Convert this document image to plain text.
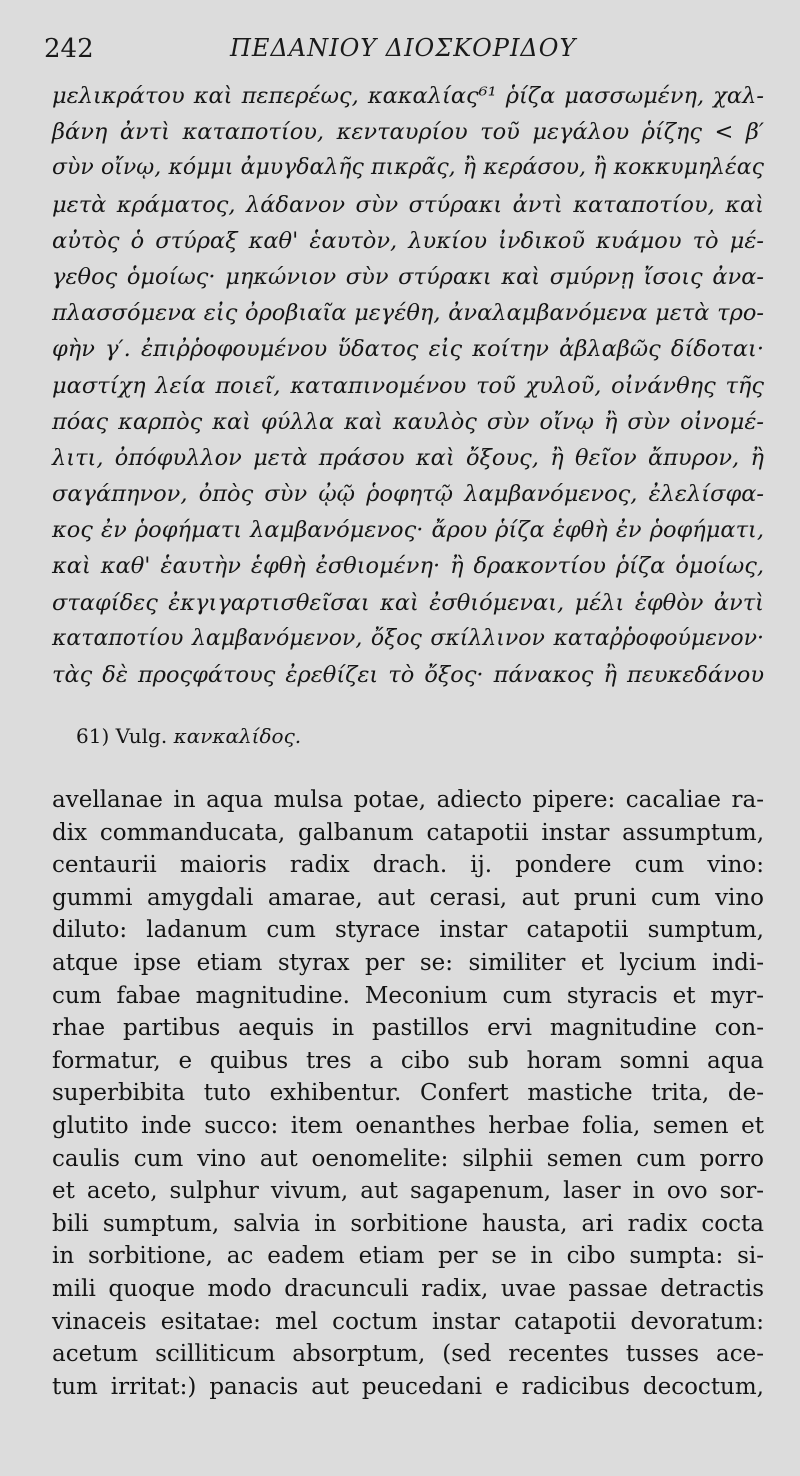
242	ΠΕΔΑΝΙΟΥ ΔΙΟΣΚΟΡΙΔΟΥ
μελικράτου καὶ πεπερέως, κακαλίας⁶¹ ῥίζα μασσωμένη, χαλ-
βάνη ἀντὶ καταποτίου, κενταυρίου τοῦ μεγάλου ῥίζης < β′
σὺν οἴνῳ, κόμμι ἀμυγδαλῆς πικρᾶς, ἢ κεράσου, ἢ κοκκυμηλέας
μετὰ κράματος, λάδανον σὺν στύρακι ἀντὶ καταποτίου, καὶ
αὐτὸς ὁ στύραξ καθ' ἑαυτὸν, λυκίου ἰνδικοῦ κυάμου τὸ μέ-
γεθος ὁμοίως· μηκώνιον σὺν στύρακι καὶ σμύρνῃ ἴσοις ἀνα-
πλασσόμενα εἰς ὀροβιαῖα μεγέθη, ἀναλαμβανόμενα μετὰ τρο-
φὴν γ′. ἐπιῤῥοφουμένου ὕδατος εἰς κοίτην ἀβλαβῶς δίδοται·
μαστίχη λεία ποιεῖ, καταπινομένου τοῦ χυλοῦ, οἰνάνθης τῆς
πόας καρπὸς καὶ φύλλα καὶ καυλὸς σὺν οἴνῳ ἢ σὺν οἰνομέ-
λιτι, ὀπόφυλλον μετὰ πράσου καὶ ὄξους, ἢ θεῖον ἄπυρον, ἢ
σαγάπηνον, ὀπὸς σὺν ᾠῷ ῥοφητῷ λαμβανόμενος, ἐλελίσφα-
κος ἐν ῥοφήματι λαμβανόμενος· ἄρου ῥίζα ἑφθὴ ἐν ῥοφήματι,
καὶ καθ' ἑαυτὴν ἑφθὴ ἐσθιομένη· ἢ δρακοντίου ῥίζα ὁμοίως,
σταφίδες ἐκγιγαρτισθεῖσαι καὶ ἐσθιόμεναι, μέλι ἑφθὸν ἀντὶ
καταποτίου λαμβανόμενον, ὄξος σκίλλινον καταῤῥοφούμενον·
τὰς δὲ προςφάτους ἐρεθίζει τὸ ὄξος· πάνακος ἢ πευκεδάνου
61) Vulg. κανκαλίδος.
avellanae in aqua mulsa potae, adiecto pipere: cacaliae ra-
dix commanducata, galbanum catapotii instar assumptum,
centaurii maioris radix drach. ij. pondere cum vino:
gummi amygdali amarae, aut cerasi, aut pruni cum vino
diluto: ladanum cum styrace instar catapotii sumptum,
atque ipse etiam styrax per se: similiter et lycium indi-
cum fabae magnitudine. Meconium cum styracis et myr-
rhae partibus aequis in pastillos ervi magnitudine con-
formatur, e quibus tres a cibo sub horam somni aqua
superbibita tuto exhibentur. Confert mastiche trita, de-
glutito inde succo: item oenanthes herbae folia, semen et
caulis cum vino aut oenomelite: silphii semen cum porro
et aceto, sulphur vivum, aut sagapenum, laser in ovo sor-
bili sumptum, salvia in sorbitione hausta, ari radix cocta
in sorbitione, ac eadem etiam per se in cibo sumpta: si-
mili quoque modo dracunculi radix, uvae passae detractis
vinaceis esitatae: mel coctum instar catapotii devoratum:
acetum scilliticum absorptum, (sed recentes tusses ace-
tum irritat:) panacis aut peucedani e radicibus decoctum,
